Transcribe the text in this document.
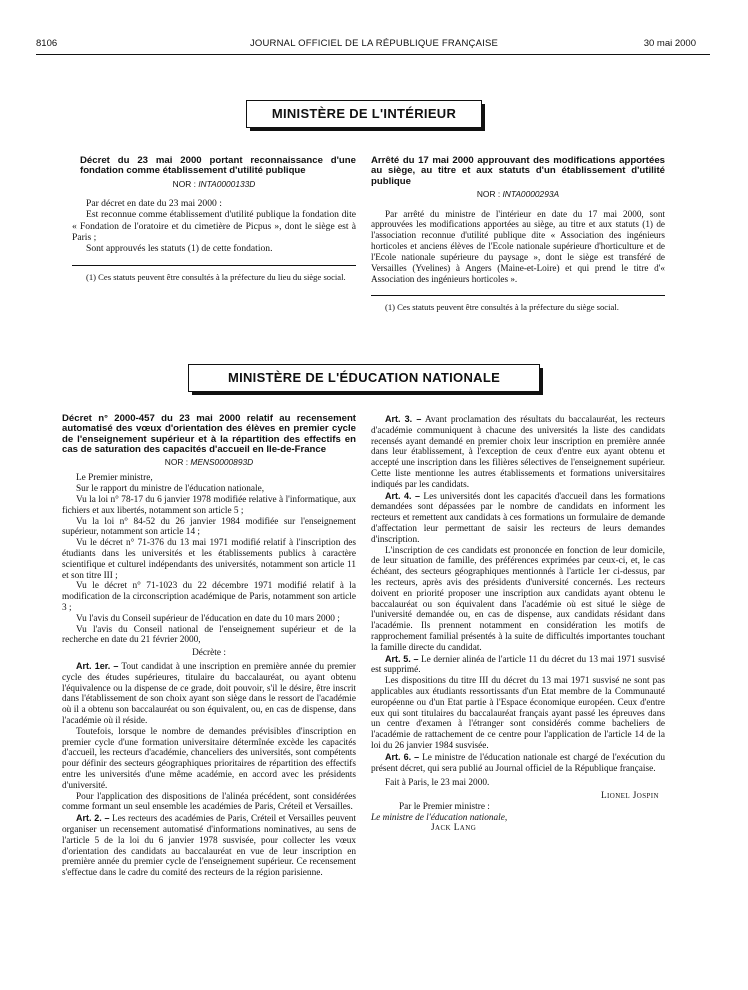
8106	JOURNAL OFFICIEL DE LA RÉPUBLIQUE FRANÇAISE	30 mai 2000
MINISTÈRE DE L'INTÉRIEUR

Décret du 23 mai 2000 portant reconnaissance d'une fondation comme établissement d'utilité publique

NOR : INTA0000133D

Par décret en date du 23 mai 2000 :

Est reconnue comme établissement d'utilité publique la fondation dite « Fondation de l'oratoire et du cimetière de Picpus », dont le siège est à Paris ;

Sont approuvés les statuts (1) de cette fondation.

(1) Ces statuts peuvent être consultés à la préfecture du lieu du siège social.

Arrêté du 17 mai 2000 approuvant des modifications apportées au siège, au titre et aux statuts d'un établissement d'utilité publique

NOR : INTA0000293A

Par arrêté du ministre de l'intérieur en date du 17 mai 2000, sont approuvées les modifications apportées au siège, au titre et aux statuts (1) de l'association reconnue d'utilité publique dite « Association des ingénieurs horticoles et anciens élèves de l'Ecole nationale supérieure d'horticulture et de l'Ecole nationale supérieure du paysage », dont le siège est transféré de Versailles (Yvelines) à Angers (Maine-et-Loire) et qui prend le titre d'« Association des ingénieurs horticoles ».

(1) Ces statuts peuvent être consultés à la préfecture du siège social.

MINISTÈRE DE L'ÉDUCATION NATIONALE

Décret n° 2000-457 du 23 mai 2000 relatif au recensement automatisé des vœux d'orientation des élèves en premier cycle de l'enseignement supérieur et à la répartition des effectifs en cas de saturation des capacités d'accueil en Ile-de-France

NOR : MENS0000893D

Le Premier ministre,

Sur le rapport du ministre de l'éducation nationale,

Vu la loi n° 78-17 du 6 janvier 1978 modifiée relative à l'informatique, aux fichiers et aux libertés, notamment son article 5 ;

Vu la loi n° 84-52 du 26 janvier 1984 modifiée sur l'enseignement supérieur, notamment son article 14 ;

Vu le décret n° 71-376 du 13 mai 1971 modifié relatif à l'inscription des étudiants dans les universités et les établissements publics à caractère scientifique et culturel indépendants des universités, notamment son article 11 et son titre III ;

Vu le décret n° 71-1023 du 22 décembre 1971 modifié relatif à la modification de la circonscription académique de Paris, notamment son article 3 ;

Vu l'avis du Conseil supérieur de l'éducation en date du 10 mars 2000 ;

Vu l'avis du Conseil national de l'enseignement supérieur et de la recherche en date du 21 février 2000,

Décrète :

Art. 1er. – Tout candidat à une inscription en première année du premier cycle des études supérieures, titulaire du baccalauréat, ou ayant obtenu l'équivalence ou la dispense de ce grade, doit pouvoir, s'il le désire, être inscrit dans l'établissement de son choix ayant son siège dans le ressort de l'académie où il a obtenu son baccalauréat ou son équivalent, ou, en cas de dispense, dans l'académie où il réside.

Toutefois, lorsque le nombre de demandes prévisibles d'inscription en premier cycle d'une formation universitaire détermînée excède les capacités d'accueil, les recteurs d'académie, chanceliers des universités, sont compétents pour définir des secteurs géographiques prioritaires de répartition des effectifs entre les universités d'une même académie, en accord avec les présidents d'université.

Pour l'application des dispositions de l'alinéa précédent, sont considérées comme formant un seul ensemble les académies de Paris, Créteil et Versailles.

Art. 2. – Les recteurs des académies de Paris, Créteil et Versailles peuvent organiser un recensement automatisé d'informations nominatives, au sens de l'article 5 de la loi du 6 janvier 1978 susvisée, pour collecter les vœux d'orientation des candidats au baccalauréat en vue de leur inscription en première année du premier cycle de l'enseignement supérieur. Ce recensement s'effectue dans le cadre du comité des recteurs de la région parisienne.

Art. 3. – Avant proclamation des résultats du baccalauréat, les recteurs d'académie communiquent à chacune des universités la liste des candidats recensés ayant demandé en premier choix leur inscription en première année dans leur établissement, à l'exception de ceux d'entre eux ayant obtenu et accepté une inscription dans les filières sélectives de l'enseignement supérieur. Cette liste mentionne les autres établissements et formations universitaires indiqués par les candidats.

Art. 4. – Les universités dont les capacités d'accueil dans les formations demandées sont dépassées par le nombre de candidats en informent les recteurs et remettent aux candidats à ces formations un formulaire de demande d'affectation leur permettant de saisir les recteurs de leurs demandes d'inscription.

L'inscription de ces candidats est prononcée en fonction de leur domicile, de leur situation de famille, des préférences exprimées par ceux-ci, et, le cas échéant, des secteurs géographiques mentionnés à l'article 1er ci-dessus, par les recteurs, après avis des présidents d'université concernés. Les recteurs doivent en priorité proposer une inscription aux candidats ayant obtenu le baccalauréat ou son équivalent dans l'académie où est situé le siège de l'université demandée ou, en cas de dispense, aux candidats résidant dans l'académie. Ils prennent notamment en considération les motifs de rapprochement familial présentés à la suite de difficultés importantes touchant la famille directe du candidat.

Art. 5. – Le dernier alinéa de l'article 11 du décret du 13 mai 1971 susvisé est supprimé.

Les dispositions du titre III du décret du 13 mai 1971 susvisé ne sont pas applicables aux étudiants ressortissants d'un Etat membre de la Communauté européenne ou d'un Etat partie à l'Espace économique européen. Ceux d'entre eux qui sont titulaires du baccalauréat français ayant passé les épreuves dans un centre d'examen à l'étranger sont considérés comme bacheliers de l'académie de rattachement de ce centre pour l'application de l'article 14 de la loi du 26 janvier 1984 susvisée.

Art. 6. – Le ministre de l'éducation nationale est chargé de l'exécution du présent décret, qui sera publié au Journal officiel de la République française.

Fait à Paris, le 23 mai 2000.

Lionel Jospin

Par le Premier ministre :

Le ministre de l'éducation nationale,

Jack Lang
